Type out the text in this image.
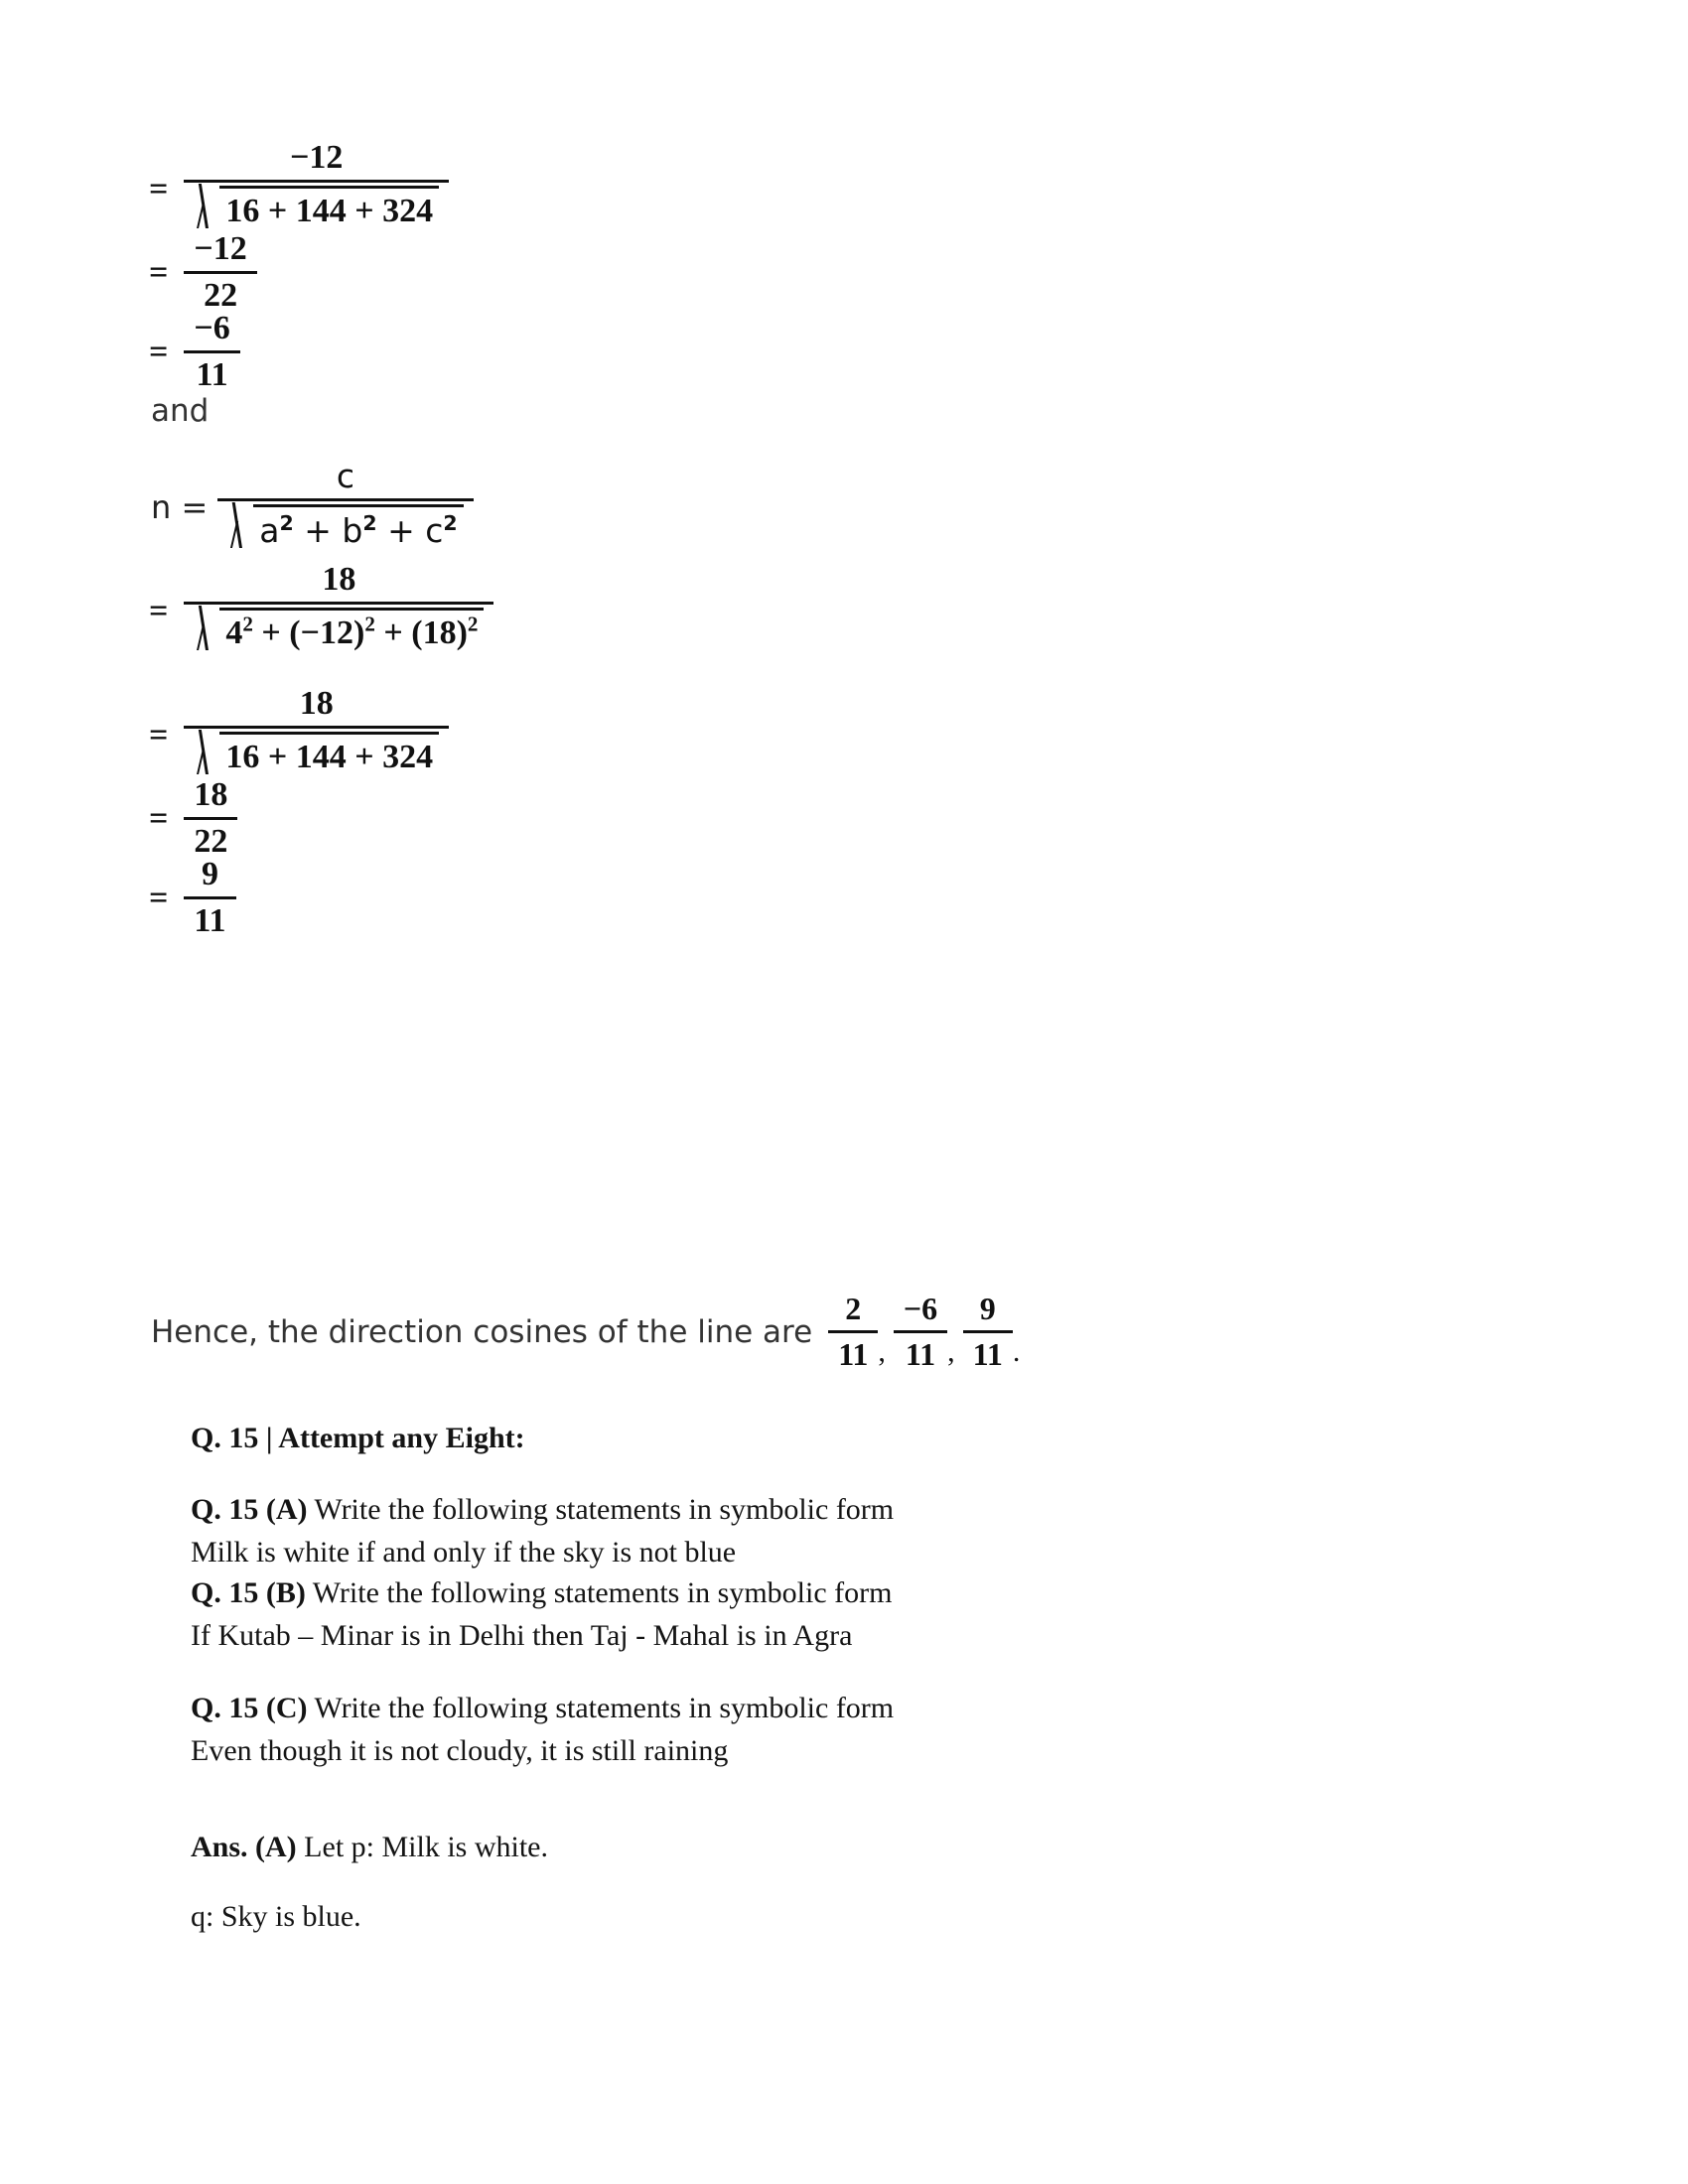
= $\frac{-12}{16 + 144 + 324}$
= $\frac{-12}{22}$
= $\frac{-6}{11}$
and
$n = \frac{c}{a^2 + b^2 + c^2}$
=
18
$4^2 + (-12)^2 + (18)^2$
= $\frac{18}{16 + 144 + 324}$
= $\frac{18}{22}$
= $\frac{9}{11}$
Hence, the direction cosines of the line are $\frac{2}{11}$ , $\frac{-6}{11}$ , $\frac{9}{11}$ .
Q. 15 | Attempt any Eight:
Q. 15 (A) Write the following statements in symbolic form
Milk is white if and only if the sky is not blue
Q. 15 (B) Write the following statements in symbolic form
If Kutab – Minar is in Delhi then Taj - Mahal is in Agra
Q. 15 (C) Write the following statements in symbolic form
Even though it is not cloudy, it is still raining
Ans. (A) Let p: Milk is white.
q: Sky is blue.
